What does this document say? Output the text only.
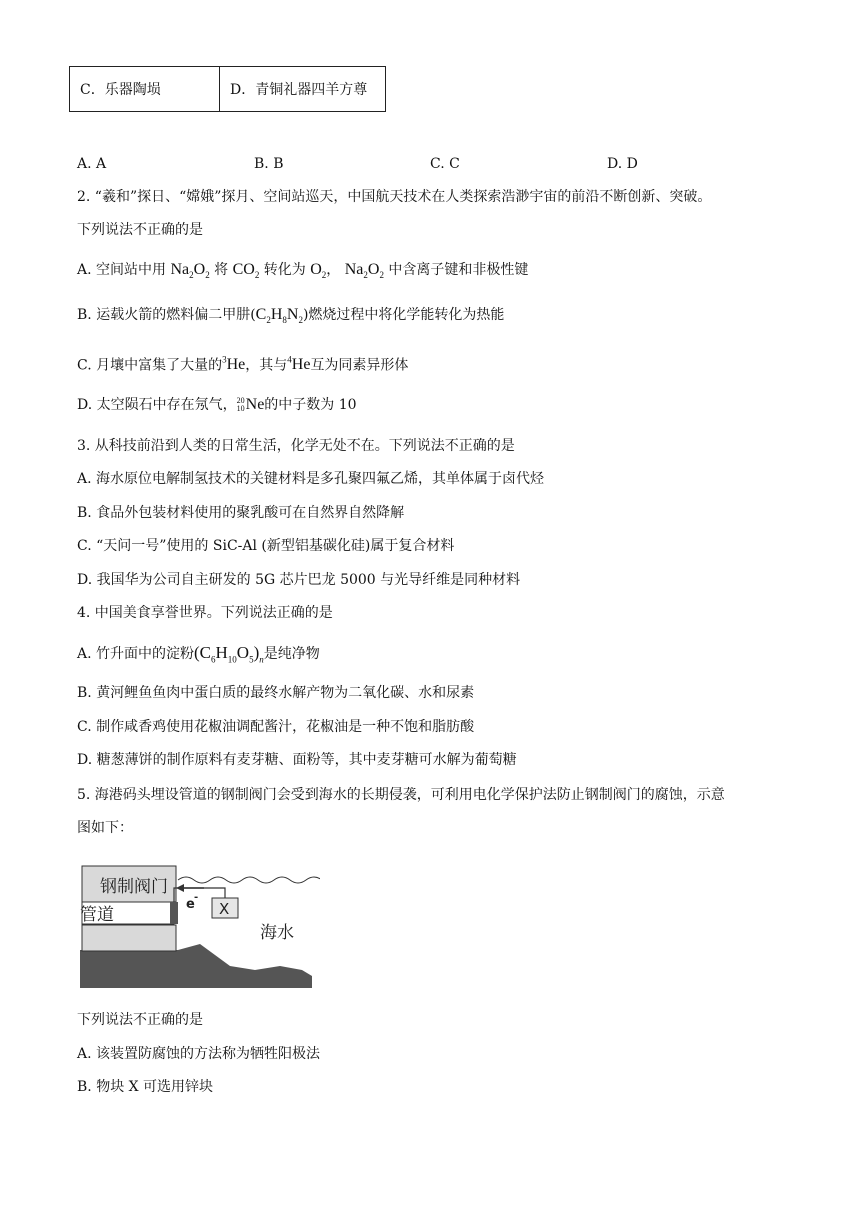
C．乐器陶埙	D．青铜礼器四羊方尊
A. A	B. B	C. C	D. D
2. “羲和”探日、“嫦娥”探月、空间站巡天，中国航天技术在人类探索浩渺宇宙的前沿不断创新、突破。
下列说法不正确的是
A. 空间站中用 $Na_2O_2$ 将 $CO_2$ 转化为 $O_2$， $Na_2O_2$ 中含离子键和非极性键
B. 运载火箭的燃料偏二甲肼$(C_2H_8N_2)$燃烧过程中将化学能转化为热能
C. 月壤中富集了大量的$^3$He，其与$^4$He互为同素异形体
D. 太空陨石中存在氖气， 20
10 Ne的中子数为 10
3. 从科技前沿到人类的日常生活，化学无处不在。下列说法不正确的是
A. 海水原位电解制氢技术的关键材料是多孔聚四氟乙烯，其单体属于卤代烃
B. 食品外包装材料使用的聚乳酸可在自然界自然降解
C. “天问一号”使用的 SiC-Al (新型铝基碳化硅)属于复合材料
D. 我国华为公司自主研发的 5G 芯片巴龙 5000 与光导纤维是同种材料
4. 中国美食享誉世界。下列说法正确的是
A. 竹升面中的淀粉$(C_6H_{10}O_5)_n$是纯净物
B. 黄河鲤鱼鱼肉中蛋白质的最终水解产物为二氧化碳、水和尿素
C. 制作咸香鸡使用花椒油调配酱汁，花椒油是一种不饱和脂肪酸
D. 糖葱薄饼的制作原料有麦芽糖、面粉等，其中麦芽糖可水解为葡萄糖
5. 海港码头埋设管道的钢制阀门会受到海水的长期侵袭，可利用电化学保护法防止钢制阀门的腐蚀，示意
图如下：
钢制阀门
管道
e -
X
海水
下列说法不正确的是
A. 该装置防腐蚀的方法称为牺牲阳极法
B. 物块 X 可选用锌块
